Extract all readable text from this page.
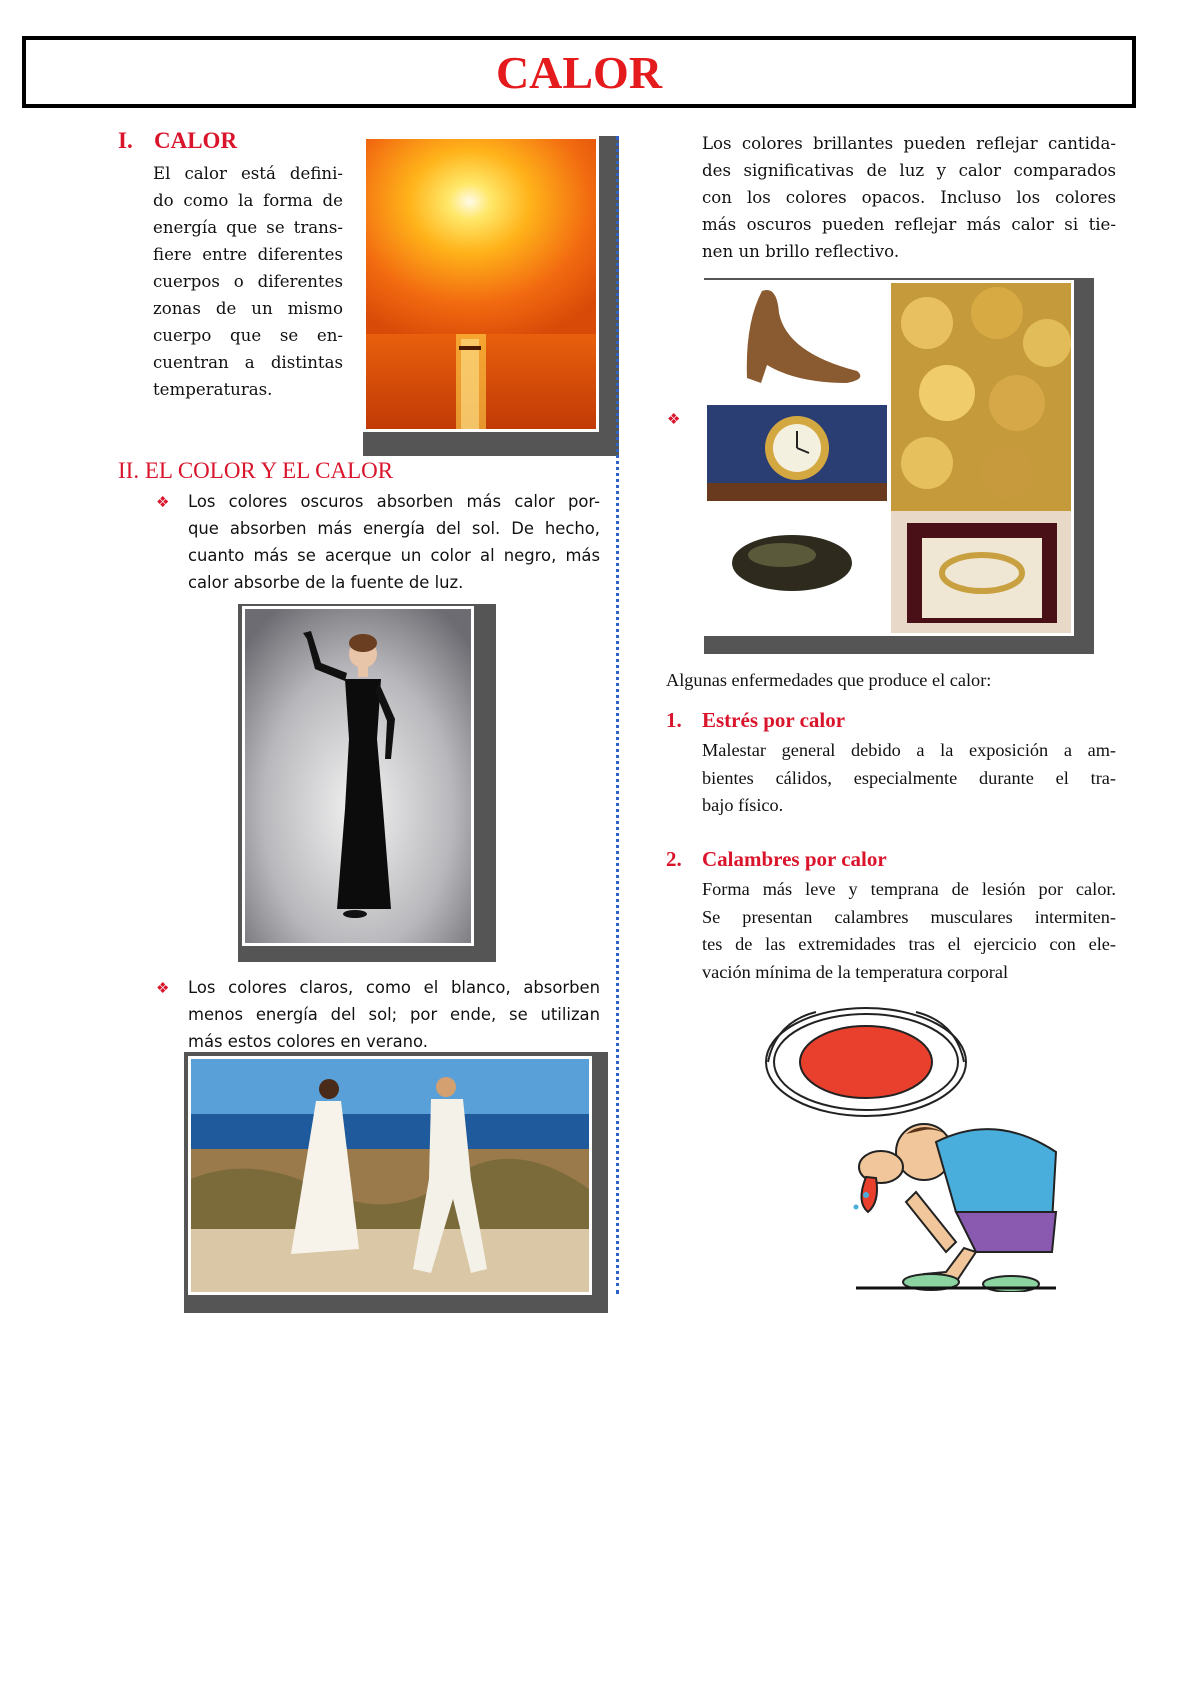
CALOR
I. CALOR
El calor está defini-
do como la forma de
energía que se trans-
fiere entre diferentes
cuerpos o diferentes
zonas de un mismo
cuerpo que se en-
cuentran a distintas
temperaturas.
II. EL COLOR Y EL CALOR
❖ Los colores oscuros absorben más calor por-
que absorben más energía del sol. De hecho,
cuanto más se acerque un color al negro, más
calor absorbe de la fuente de luz.
❖ Los colores claros, como el blanco, absorben
menos energía del sol; por ende, se utilizan
más estos colores en verano.
Los colores brillantes pueden reflejar cantida-
des significativas de luz y calor comparados
con los colores opacos. Incluso los colores
más oscuros pueden reflejar más calor si tie-
nen un brillo reflectivo.
❖
Algunas enfermedades que produce el calor:
1. Estrés por calor
Malestar general debido a la exposición a am-
bientes cálidos, especialmente durante el tra-
bajo físico.
2. Calambres por calor
Forma más leve y temprana de lesión por calor.
Se presentan calambres musculares intermiten-
tes de las extremidades tras el ejercicio con ele-
vación mínima de la temperatura corporal
